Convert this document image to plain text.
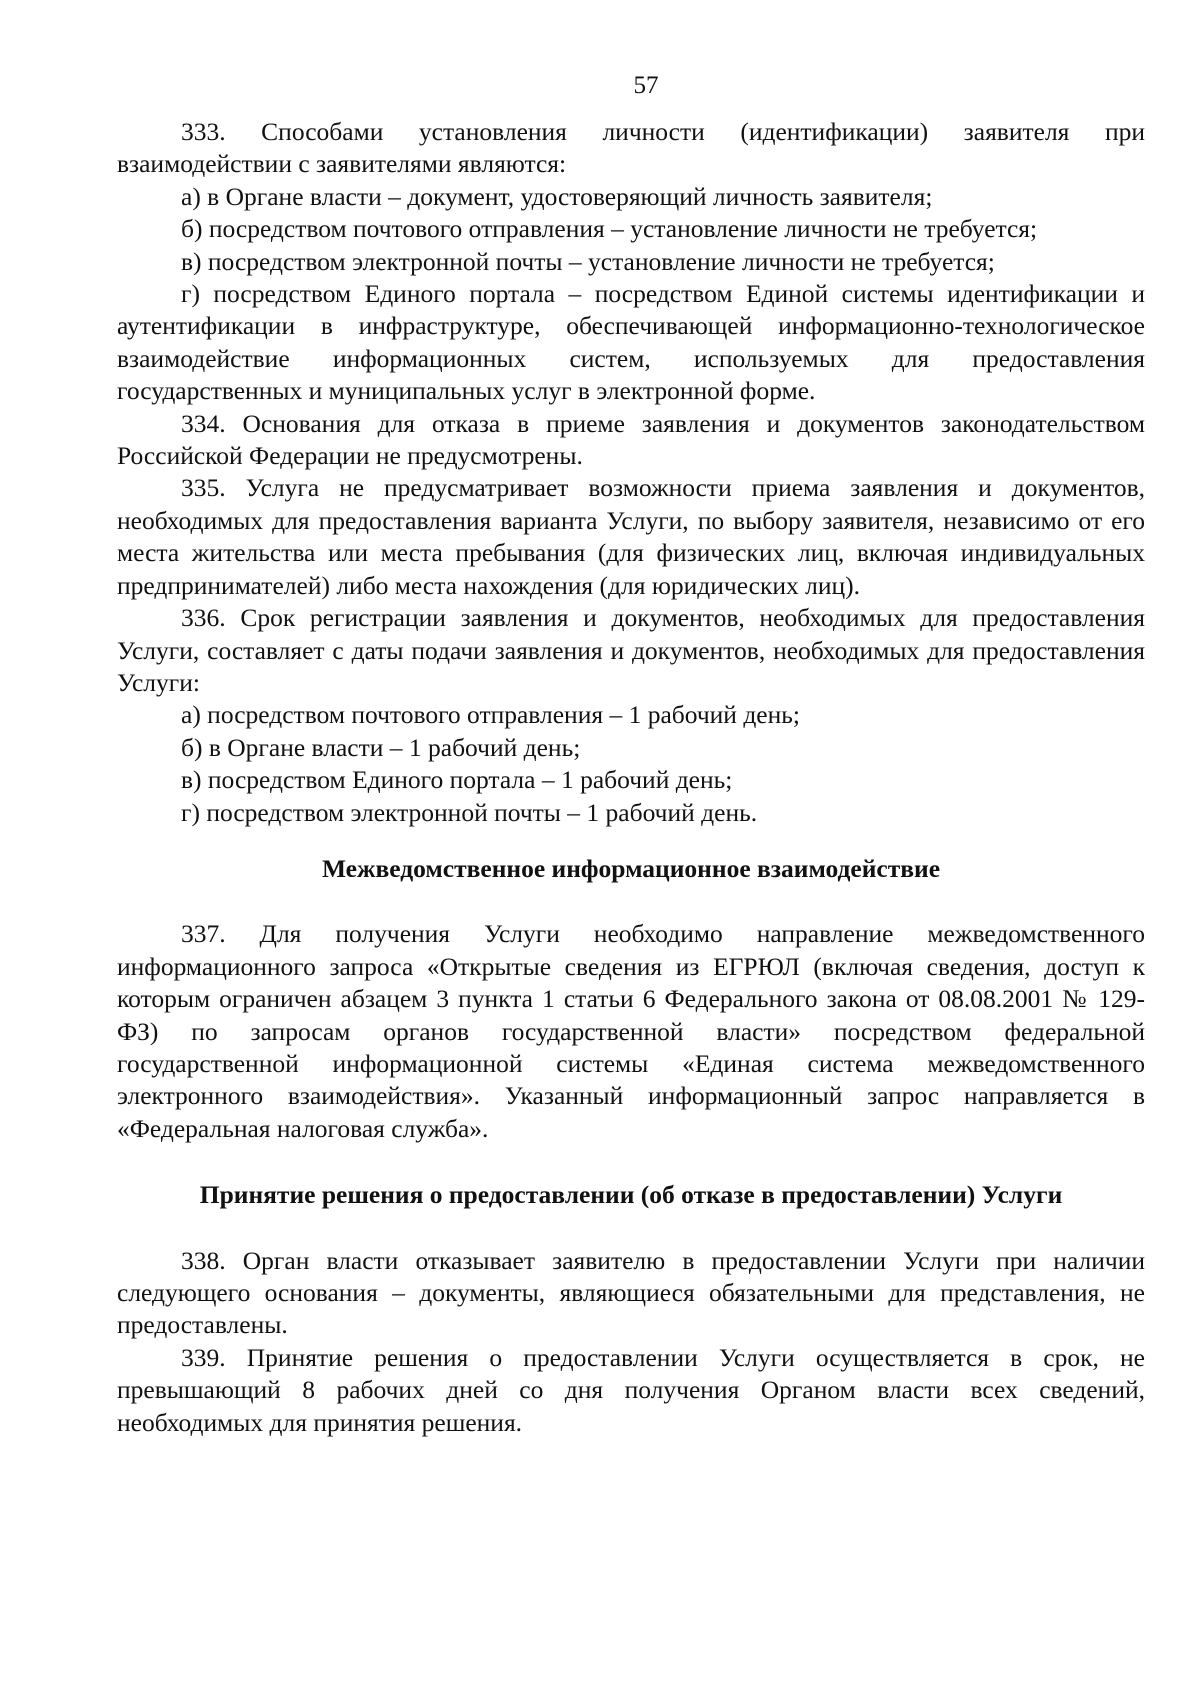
57

333. Способами установления личности (идентификации) заявителя при взаимодействии с заявителями являются:

а) в Органе власти – документ, удостоверяющий личность заявителя;

б) посредством почтового отправления – установление личности не требуется;

в) посредством электронной почты – установление личности не требуется;

г) посредством Единого портала – посредством Единой системы идентификации и аутентификации в инфраструктуре, обеспечивающей информационно-технологическое взаимодействие информационных систем, используемых для предоставления государственных и муниципальных услуг в электронной форме.

334. Основания для отказа в приеме заявления и документов законодательством Российской Федерации не предусмотрены.

335. Услуга не предусматривает возможности приема заявления и документов, необходимых для предоставления варианта Услуги, по выбору заявителя, независимо от его места жительства или места пребывания (для физических лиц, включая индивидуальных предпринимателей) либо места нахождения (для юридических лиц).

336. Срок регистрации заявления и документов, необходимых для предоставления Услуги, составляет с даты подачи заявления и документов, необходимых для предоставления Услуги:

а) посредством почтового отправления – 1 рабочий день;

б) в Органе власти – 1 рабочий день;

в) посредством Единого портала – 1 рабочий день;

г) посредством электронной почты – 1 рабочий день.

Межведомственное информационное взаимодействие

337. Для получения Услуги необходимо направление межведомственного информационного запроса «Открытые сведения из ЕГРЮЛ (включая сведения, доступ к которым ограничен абзацем 3 пункта 1 статьи 6 Федерального закона от 08.08.2001 № 129-ФЗ) по запросам органов государственной власти» посредством федеральной государственной информационной системы «Единая система межведомственного электронного взаимодействия». Указанный информационный запрос направляется в «Федеральная налоговая служба».

Принятие решения о предоставлении (об отказе в предоставлении) Услуги

338. Орган власти отказывает заявителю в предоставлении Услуги при наличии следующего основания – документы, являющиеся обязательными для представления, не предоставлены.

339. Принятие решения о предоставлении Услуги осуществляется в срок, не превышающий 8 рабочих дней со дня получения Органом власти всех сведений, необходимых для принятия решения.
